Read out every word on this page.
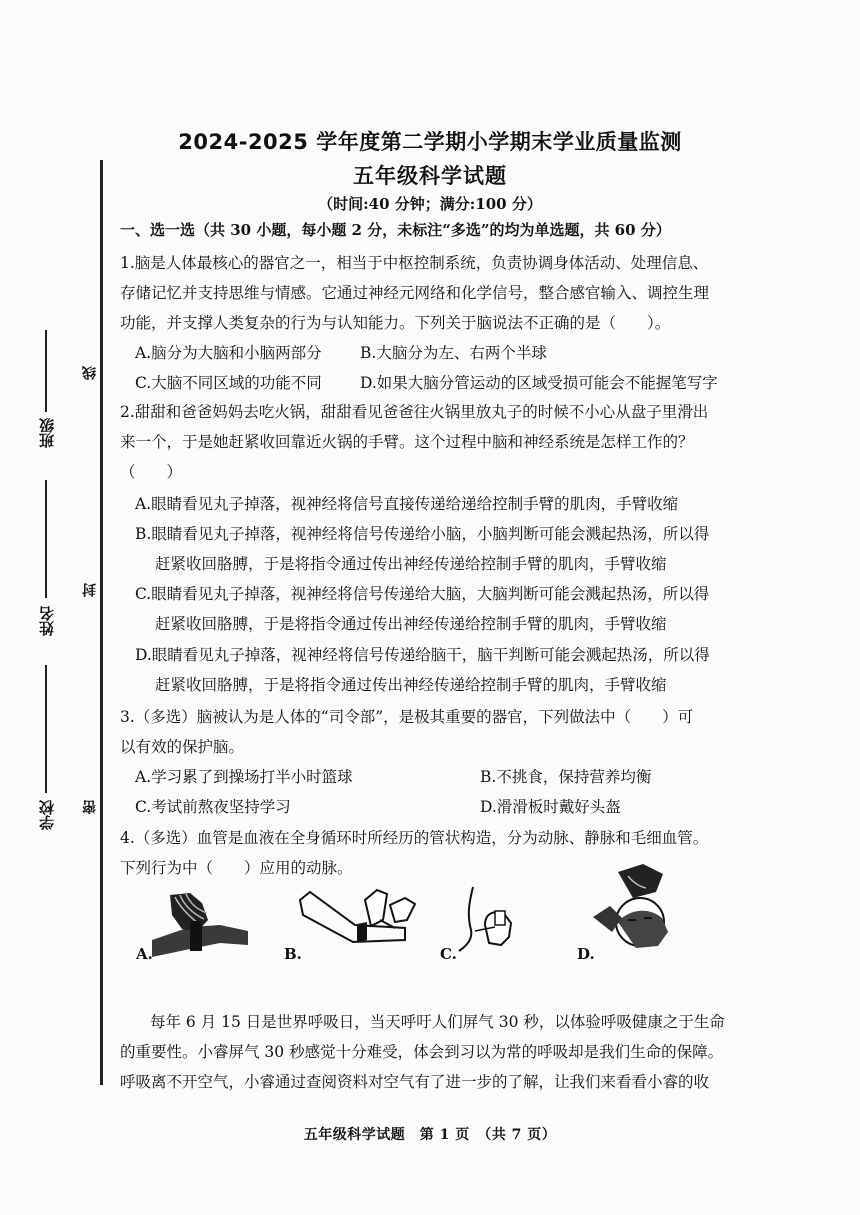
班级
姓名
学校
线
封
密
2024-2025 学年度第二学期小学期末学业质量监测
五年级科学试题
（时间:40 分钟；满分:100 分）
一、选一选（共 30 小题，每小题 2 分，未标注“多选”的均为单选题，共 60 分）
1.脑是人体最核心的器官之一，相当于中枢控制系统，负责协调身体活动、处理信息、
存储记忆并支持思维与情感。它通过神经元网络和化学信号，整合感官输入、调控生理
功能，并支撑人类复杂的行为与认知能力。下列关于脑说法不正确的是（　　）。
A.脑分为大脑和小脑两部分 B.大脑分为左、右两个半球
C.大脑不同区域的功能不同 D.如果大脑分管运动的区域受损可能会不能握笔写字
2.甜甜和爸爸妈妈去吃火锅，甜甜看见爸爸往火锅里放丸子的时候不小心从盘子里滑出
来一个，于是她赶紧收回靠近火锅的手臂。这个过程中脑和神经系统是怎样工作的？
（　　）
A.眼睛看见丸子掉落，视神经将信号直接传递给递给控制手臂的肌肉，手臂收缩
B.眼睛看见丸子掉落，视神经将信号传递给小脑，小脑判断可能会溅起热汤，所以得
赶紧收回胳膊，于是将指令通过传出神经传递给控制手臂的肌肉，手臂收缩
C.眼睛看见丸子掉落，视神经将信号传递给大脑，大脑判断可能会溅起热汤，所以得
赶紧收回胳膊，于是将指令通过传出神经传递给控制手臂的肌肉，手臂收缩
D.眼睛看见丸子掉落，视神经将信号传递给脑干，脑干判断可能会溅起热汤，所以得
赶紧收回胳膊，于是将指令通过传出神经传递给控制手臂的肌肉，手臂收缩
3.（多选）脑被认为是人体的“司令部”，是极其重要的器官，下列做法中（　　）可
以有效的保护脑。
A.学习累了到操场打半小时篮球	B.不挑食，保持营养均衡
C.考试前熬夜坚持学习	D.滑滑板时戴好头盔
4.（多选）血管是血液在全身循环时所经历的管状构造，分为动脉、静脉和毛细血管。
下列行为中（　　）应用的动脉。
A.	B.	C.	D.
每年 6 月 15 日是世界呼吸日，当天呼吁人们屏气 30 秒，以体验呼吸健康之于生命
的重要性。小睿屏气 30 秒感觉十分难受，体会到习以为常的呼吸却是我们生命的保障。
呼吸离不开空气，小睿通过查阅资料对空气有了进一步的了解，让我们来看看小睿的收
五年级科学试题　第 1 页　（共 7 页）
